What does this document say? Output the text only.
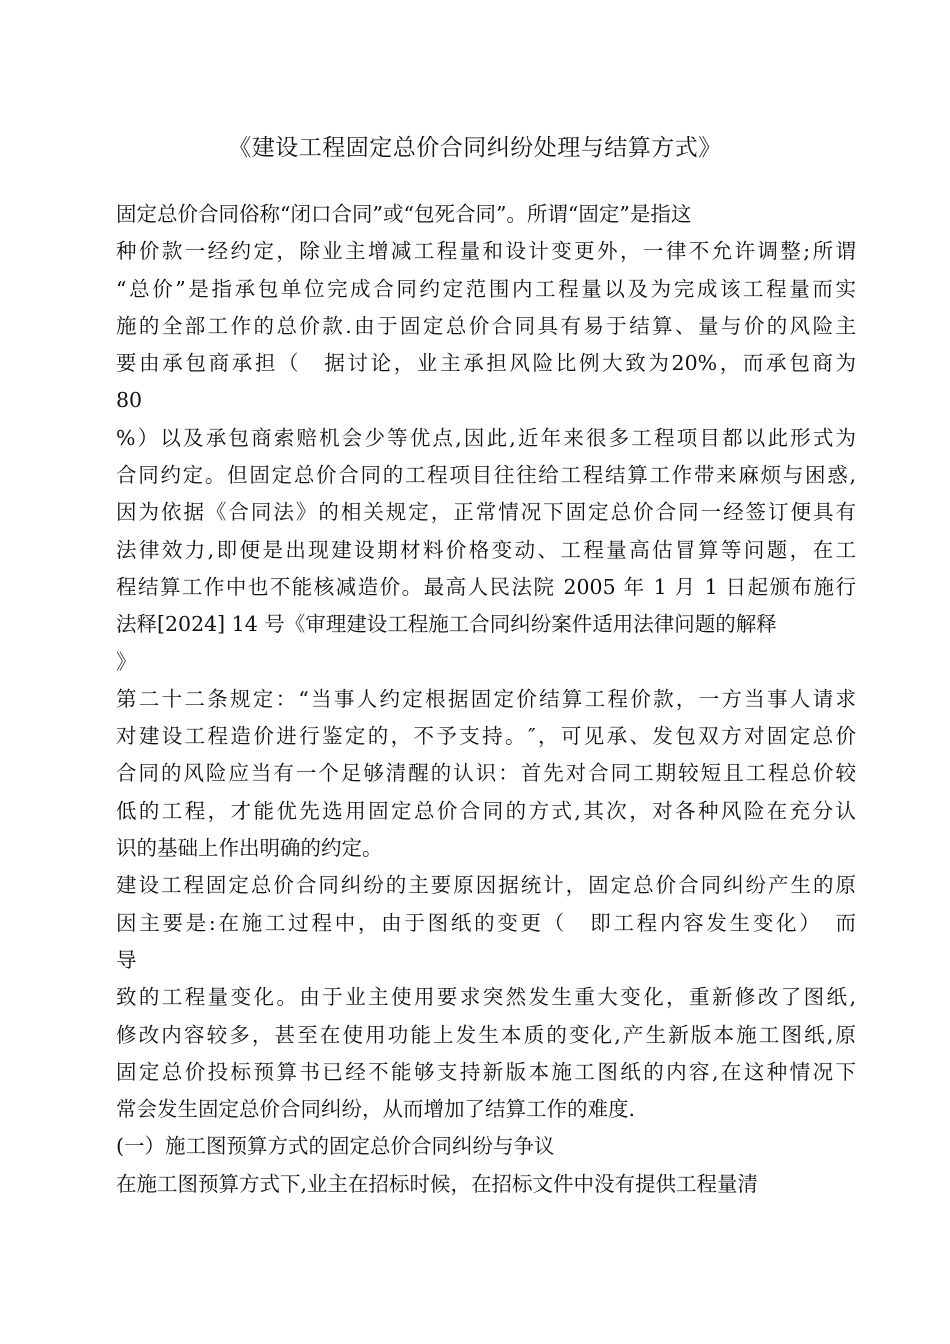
《建设工程固定总价合同纠纷处理与结算方式》
固定总价合同俗称“闭口合同”或“包死合同”。所谓“固定”是指这
种价款一经约定，除业主增减工程量和设计变更外，一律不允许调整;所谓
“总价”是指承包单位完成合同约定范围内工程量以及为完成该工程量而实
施的全部工作的总价款.由于固定总价合同具有易于结算、量与价的风险主
要由承包商承担（　据讨论，业主承担风险比例大致为20%，而承包商为
80
%）以及承包商索赔机会少等优点,因此,近年来很多工程项目都以此形式为
合同约定。但固定总价合同的工程项目往往给工程结算工作带来麻烦与困惑,
因为依据《合同法》的相关规定，正常情况下固定总价合同一经签订便具有
法律效力,即便是出现建设期材料价格变动、工程量高估冒算等问题，在工
程结算工作中也不能核减造价。最高人民法院 2005 年 1 月 1 日起颁布施行
法释[2024] 14 号《审理建设工程施工合同纠纷案件适用法律问题的解释
》
第二十二条规定：“当事人约定根据固定价结算工程价款，一方当事人请求
对建设工程造价进行鉴定的，不予支持。″，可见承、发包双方对固定总价
合同的风险应当有一个足够清醒的认识：首先对合同工期较短且工程总价较
低的工程，才能优先选用固定总价合同的方式,其次，对各种风险在充分认
识的基础上作出明确的约定。
建设工程固定总价合同纠纷的主要原因据统计，固定总价合同纠纷产生的原
因主要是:在施工过程中，由于图纸的变更（　即工程内容发生变化）　而
导
致的工程量变化。由于业主使用要求突然发生重大变化，重新修改了图纸,
修改内容较多，甚至在使用功能上发生本质的变化,产生新版本施工图纸,原
固定总价投标预算书已经不能够支持新版本施工图纸的内容,在这种情况下
常会发生固定总价合同纠纷，从而增加了结算工作的难度.
(一）施工图预算方式的固定总价合同纠纷与争议
在施工图预算方式下,业主在招标时候，在招标文件中没有提供工程量清
